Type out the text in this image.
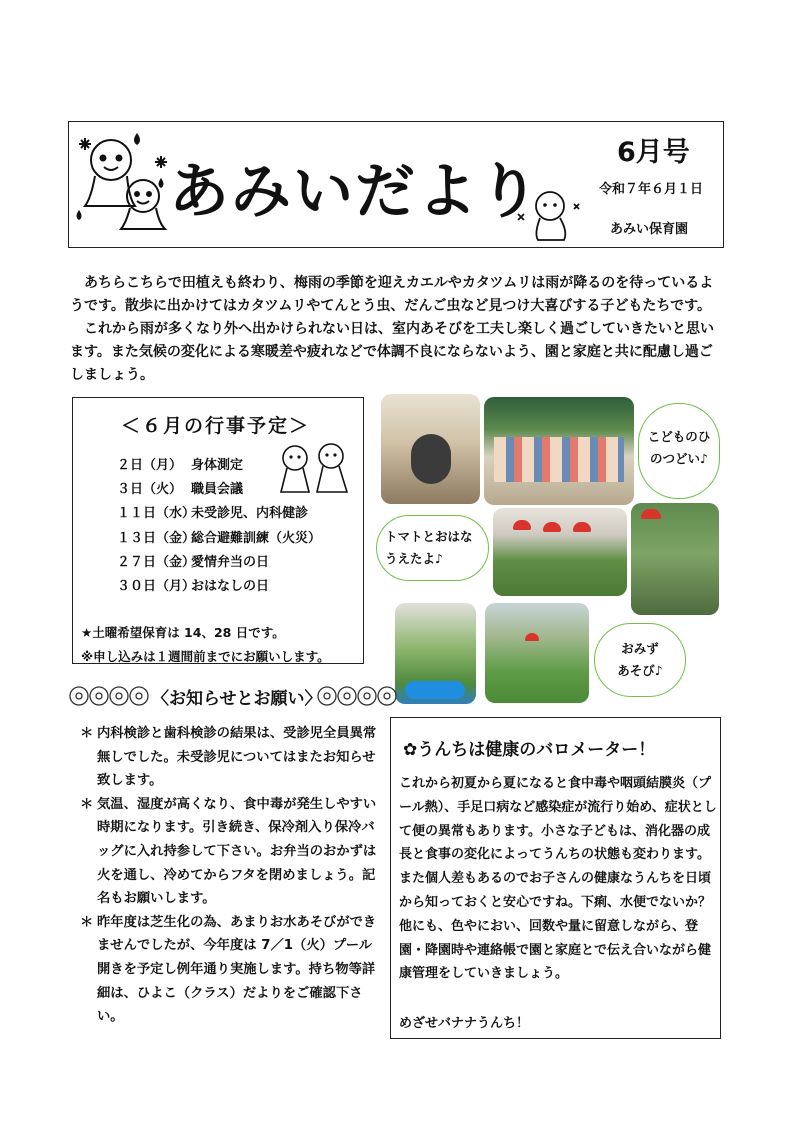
あみいだより
6月号
令和７年６月１日
あみい保育園

あちらこちらで田植えも終わり、梅雨の季節を迎えカエルやカタツムリは雨が降るのを待っているようです。散歩に出かけてはカタツムリやてんとう虫、だんご虫など見つけ大喜びする子どもたちです。

これから雨が多くなり外へ出かけられない日は、室内あそびを工夫し楽しく過ごしていきたいと思います。また気候の変化による寒暖差や疲れなどで体調不良にならないよう、園と家庭と共に配慮し過ごしましょう。

＜６月の行事予定＞
２日（月） 身体測定
３日（火） 職員会議
１１日（水）未受診児、内科健診
１３日（金）総合避難訓練（火災）
２７日（金）愛情弁当の日
３０日（月）おはなしの日
★土曜希望保育は 14、28 日です。
※申し込みは１週間前までにお願いします。
こどものひ
のつどい♪
トマトとおはな
うえたよ♪
おみず
あそび♪
〈お知らせとお願い〉
＊ 内科検診と歯科検診の結果は、受診児全員異常無しでした。未受診児についてはまたお知らせ致します。
＊ 気温、湿度が高くなり、食中毒が発生しやすい時期になります。引き続き、保冷剤入り保冷バッグに入れ持参して下さい。お弁当のおかずは火を通し、冷めてからフタを閉めましょう。記名もお願いします。
＊ 昨年度は芝生化の為、あまりお水あそびができませんでしたが、今年度は 7／1（火）プール開きを予定し例年通り実施します。持ち物等詳細は、ひよこ（クラス）だよりをご確認下さい。
✿うんちは健康のバロメーター！

これから初夏から夏になると食中毒や咽頭結膜炎（プール熱）、手足口病など感染症が流行り始め、症状として便の異常もあります。小さな子どもは、消化器の成長と食事の変化によってうんちの状態も変わります。また個人差もあるのでお子さんの健康なうんちを日頃から知っておくと安心ですね。下痢、水便でないか？他にも、色やにおい、回数や量に留意しながら、登園・降園時や連絡帳で園と家庭とで伝え合いながら健康管理をしていきましょう。

めざせバナナうんち！
